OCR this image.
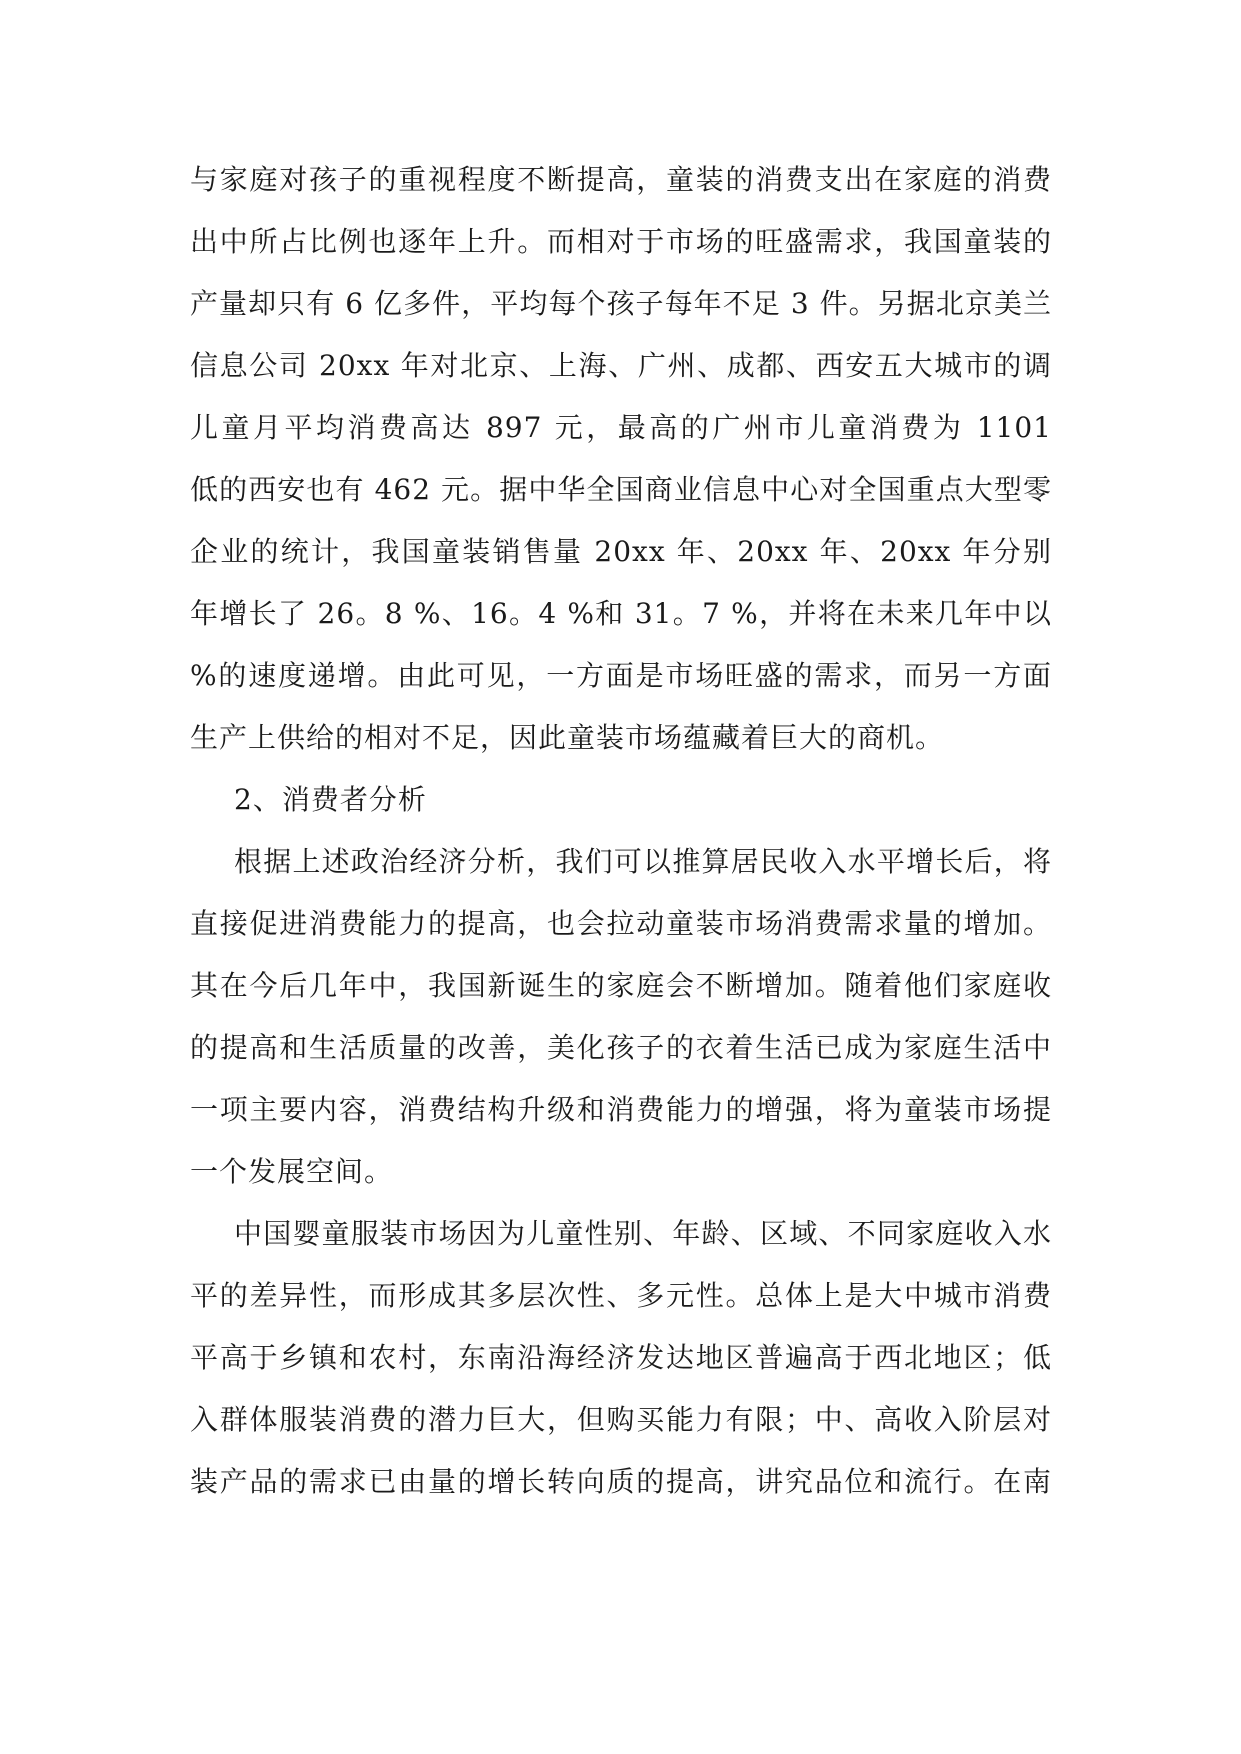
与家庭对孩子的重视程度不断提高，童装的消费支出在家庭的消费
出中所占比例也逐年上升。而相对于市场的旺盛需求，我国童装的
产量却只有 6 亿多件，平均每个孩子每年不足 3 件。另据北京美兰
信息公司 20xx 年对北京、上海、广州、成都、西安五大城市的调
儿童月平均消费高达 897 元，最高的广州市儿童消费为 1101
低的西安也有 462 元。据中华全国商业信息中心对全国重点大型零
企业的统计，我国童装销售量 20xx 年、20xx 年、20xx 年分别
年增长了 26。8 %、16。4 %和 31。7 %，并将在未来几年中以
%的速度递增。由此可见，一方面是市场旺盛的需求，而另一方面
生产上供给的相对不足，因此童装市场蕴藏着巨大的商机。
2、消费者分析
根据上述政治经济分析，我们可以推算居民收入水平增长后，将
直接促进消费能力的提高，也会拉动童装市场消费需求量的增加。
其在今后几年中，我国新诞生的家庭会不断增加。随着他们家庭收
的提高和生活质量的改善，美化孩子的衣着生活已成为家庭生活中
一项主要内容，消费结构升级和消费能力的增强，将为童装市场提
一个发展空间。
中国婴童服装市场因为儿童性别、年龄、区域、不同家庭收入水
平的差异性，而形成其多层次性、多元性。总体上是大中城市消费
平高于乡镇和农村，东南沿海经济发达地区普遍高于西北地区；低
入群体服装消费的潜力巨大，但购买能力有限；中、高收入阶层对
装产品的需求已由量的增长转向质的提高，讲究品位和流行。在南
